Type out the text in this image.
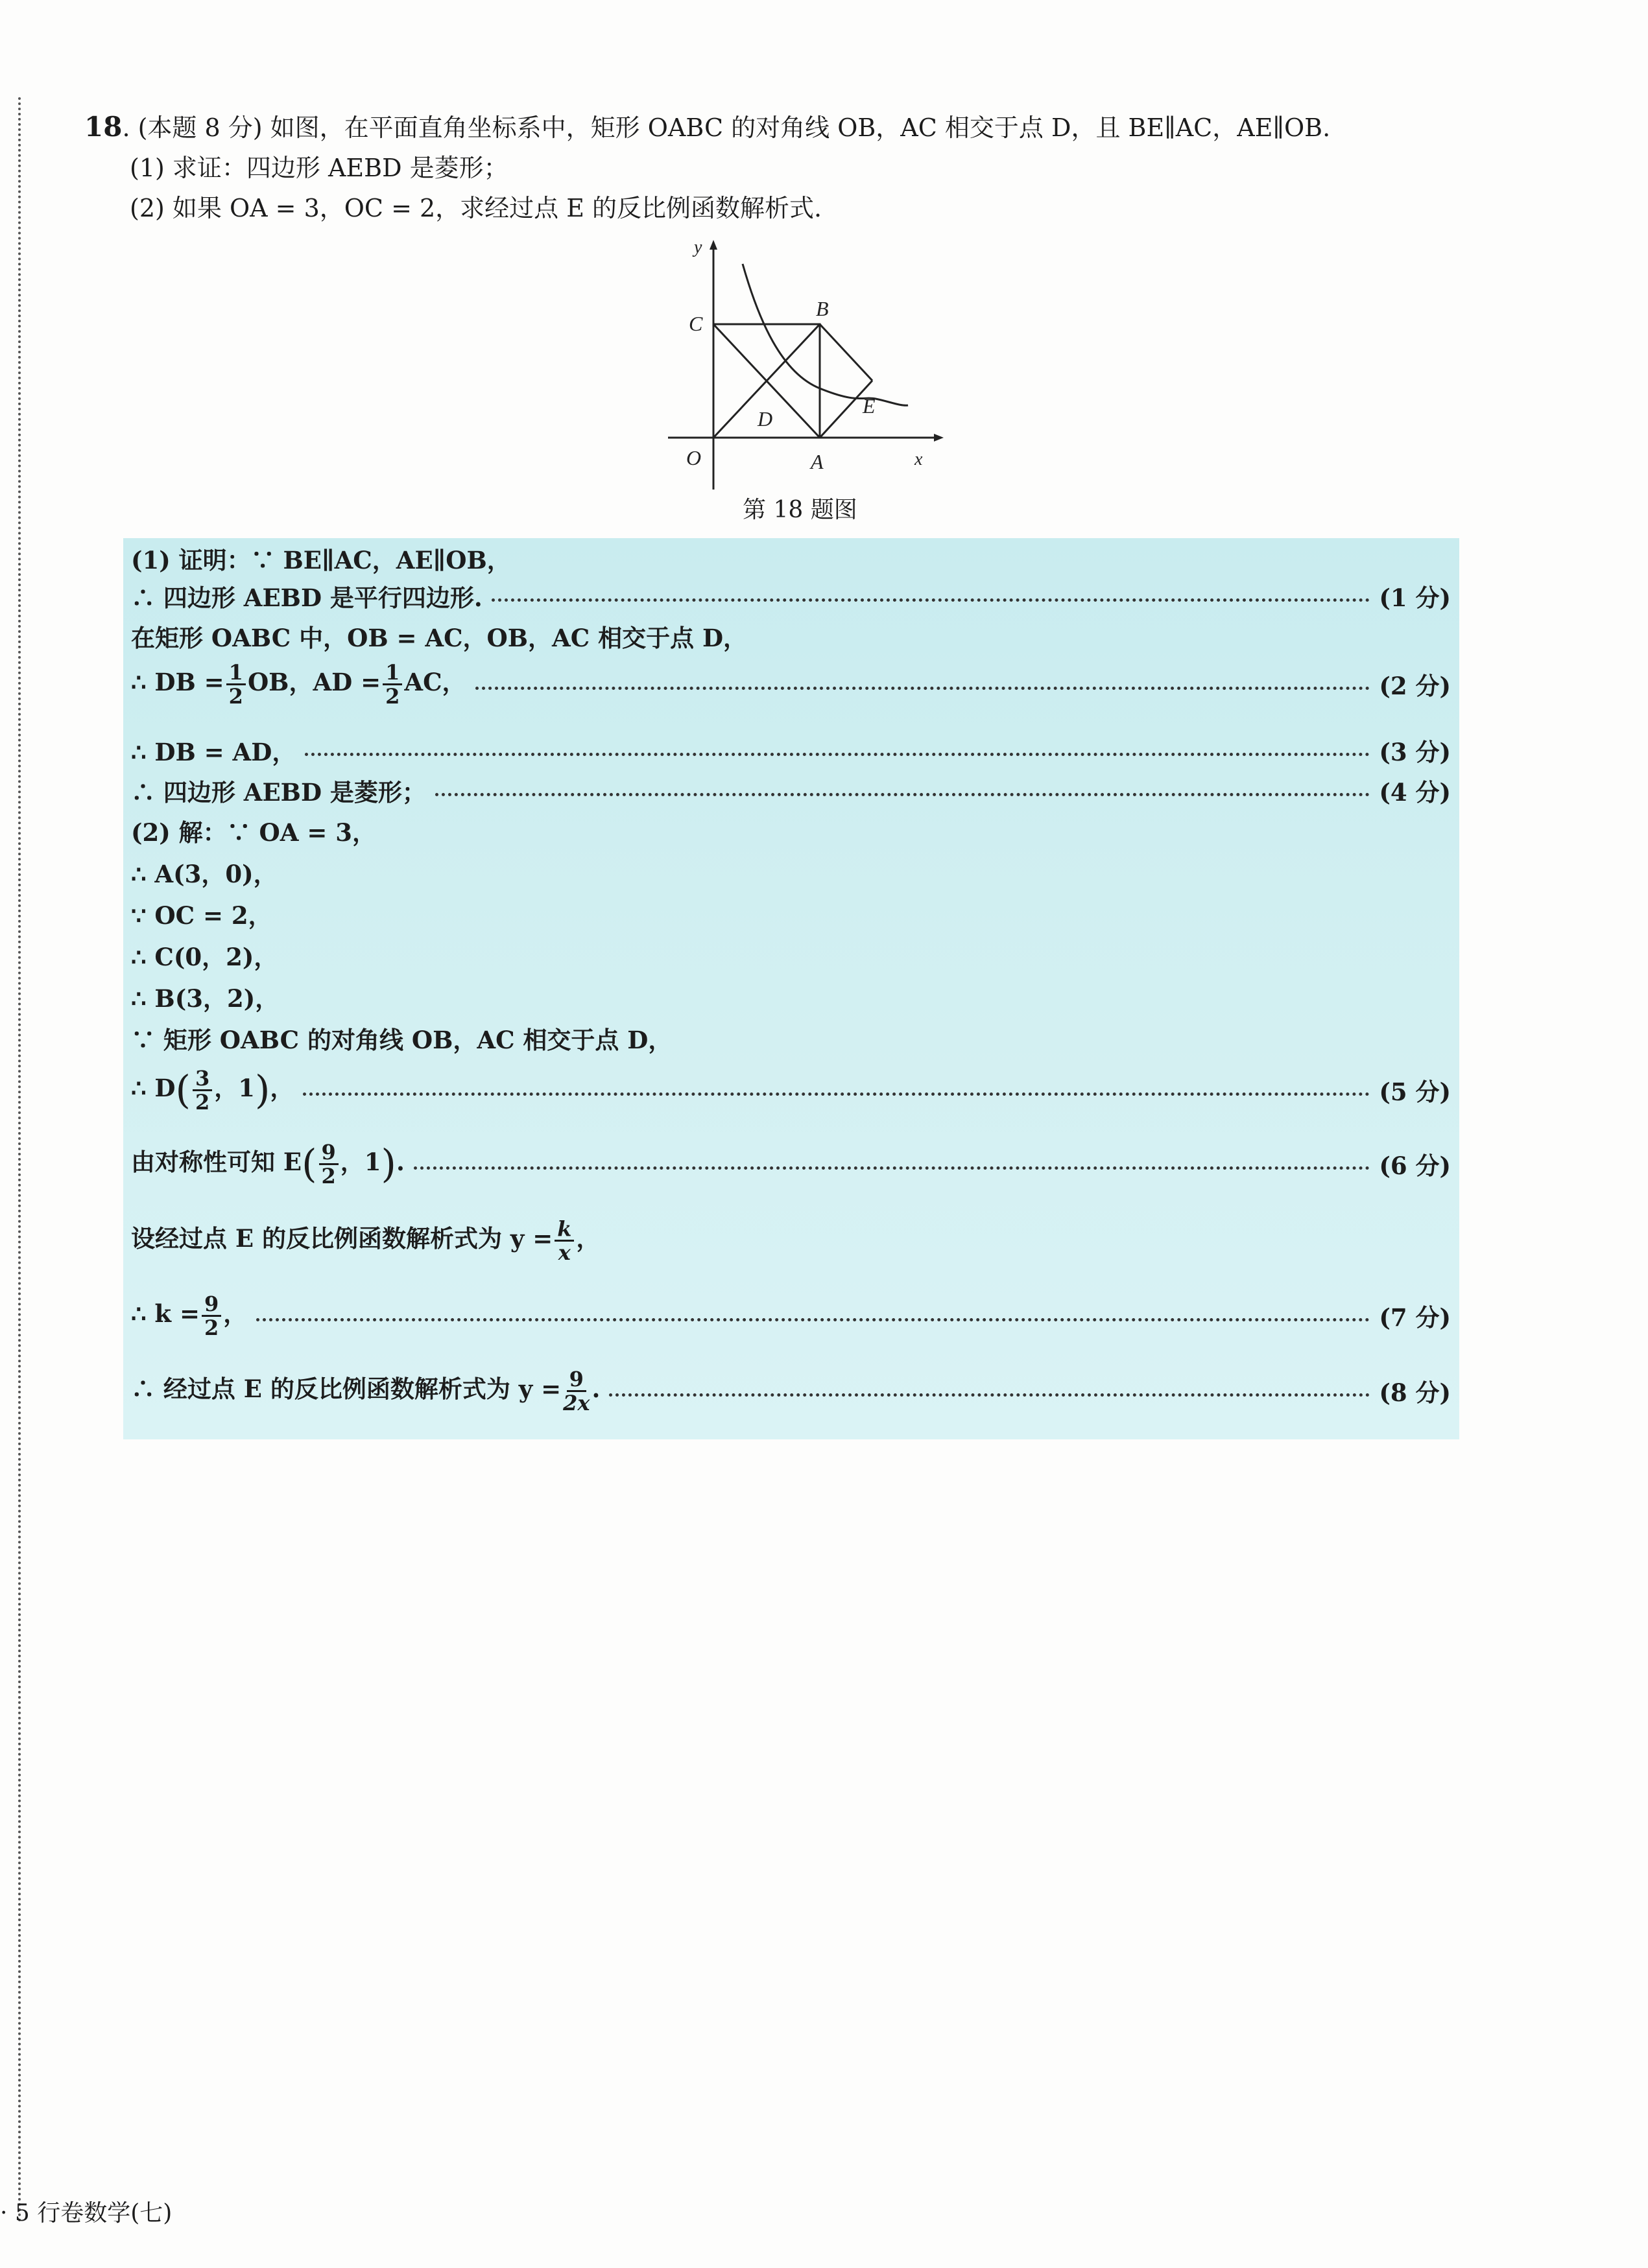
18. (本题 8 分) 如图，在平面直角坐标系中，矩形 OABC 的对角线 OB，AC 相交于点 D，且 BE∥AC，AE∥OB.
(1) 求证：四边形 AEBD 是菱形；
(2) 如果 OA = 3，OC = 2，求经过点 E 的反比例函数解析式.
y
x
O	A
B
C
D
E
第 18 题图
(1) 证明：∵ BE∥AC，AE∥OB，
∴ 四边形 AEBD 是平行四边形.	(1 分)
在矩形 OABC 中，OB = AC，OB，AC 相交于点 D，
∴ DB = $\frac{1}{2}$ OB，AD = $\frac{1}{2}$ AC，	(2 分)
∴ DB = AD，	(3 分)
∴ 四边形 AEBD 是菱形；	(4 分)
(2) 解：∵ OA = 3，
∴ A(3，0)，
∵ OC = 2，
∴ C(0，2)，
∴ B(3，2)，
∵ 矩形 OABC 的对角线 OB，AC 相交于点 D，
∴ $D( \frac{3}{2}$ ，1)，	(5 分)
由对称性可知 $E( \frac{9}{2}$ ，1).	(6 分)
设经过点 E 的反比例函数解析式为 $y = \frac{k}{x}$ ，
∴ $k = \frac{9}{2}$ ，	(7 分)
∴ 经过点 E 的反比例函数解析式为 $y = \frac{9}{2x}$ .	(8 分)
· 5 行卷数学(七)
